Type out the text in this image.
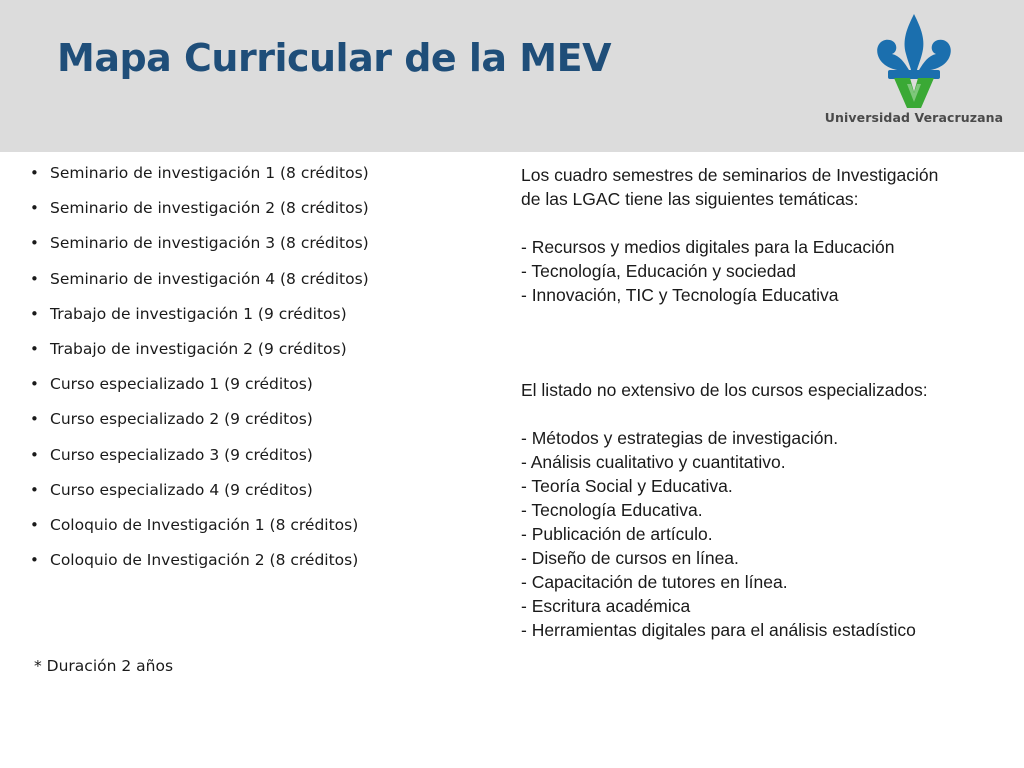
Mapa Curricular de la MEV
Universidad Veracruzana
• Seminario de investigación 1 (8 créditos)
• Seminario de investigación 2 (8 créditos)
• Seminario de investigación 3 (8 créditos)
• Seminario de investigación 4 (8 créditos)
• Trabajo de investigación 1 (9 créditos)
• Trabajo de investigación 2 (9 créditos)
• Curso especializado 1 (9 créditos)
• Curso especializado 2 (9 créditos)
• Curso especializado 3 (9 créditos)
• Curso especializado 4 (9 créditos)
• Coloquio de Investigación 1 (8 créditos)
• Coloquio de Investigación 2 (8 créditos)
* Duración 2 años
Los cuadro semestres de seminarios de Investigación
de las LGAC tiene las siguientes temáticas:
- Recursos y medios digitales para la Educación
- Tecnología, Educación y sociedad
- Innovación, TIC y Tecnología Educativa
El listado no extensivo de los cursos especializados:
- Métodos y estrategias de investigación.
- Análisis cualitativo y cuantitativo.
- Teoría Social y Educativa.
- Tecnología Educativa.
- Publicación de artículo.
- Diseño de cursos en línea.
- Capacitación de tutores en línea.
- Escritura académica
- Herramientas digitales para el análisis estadístico
